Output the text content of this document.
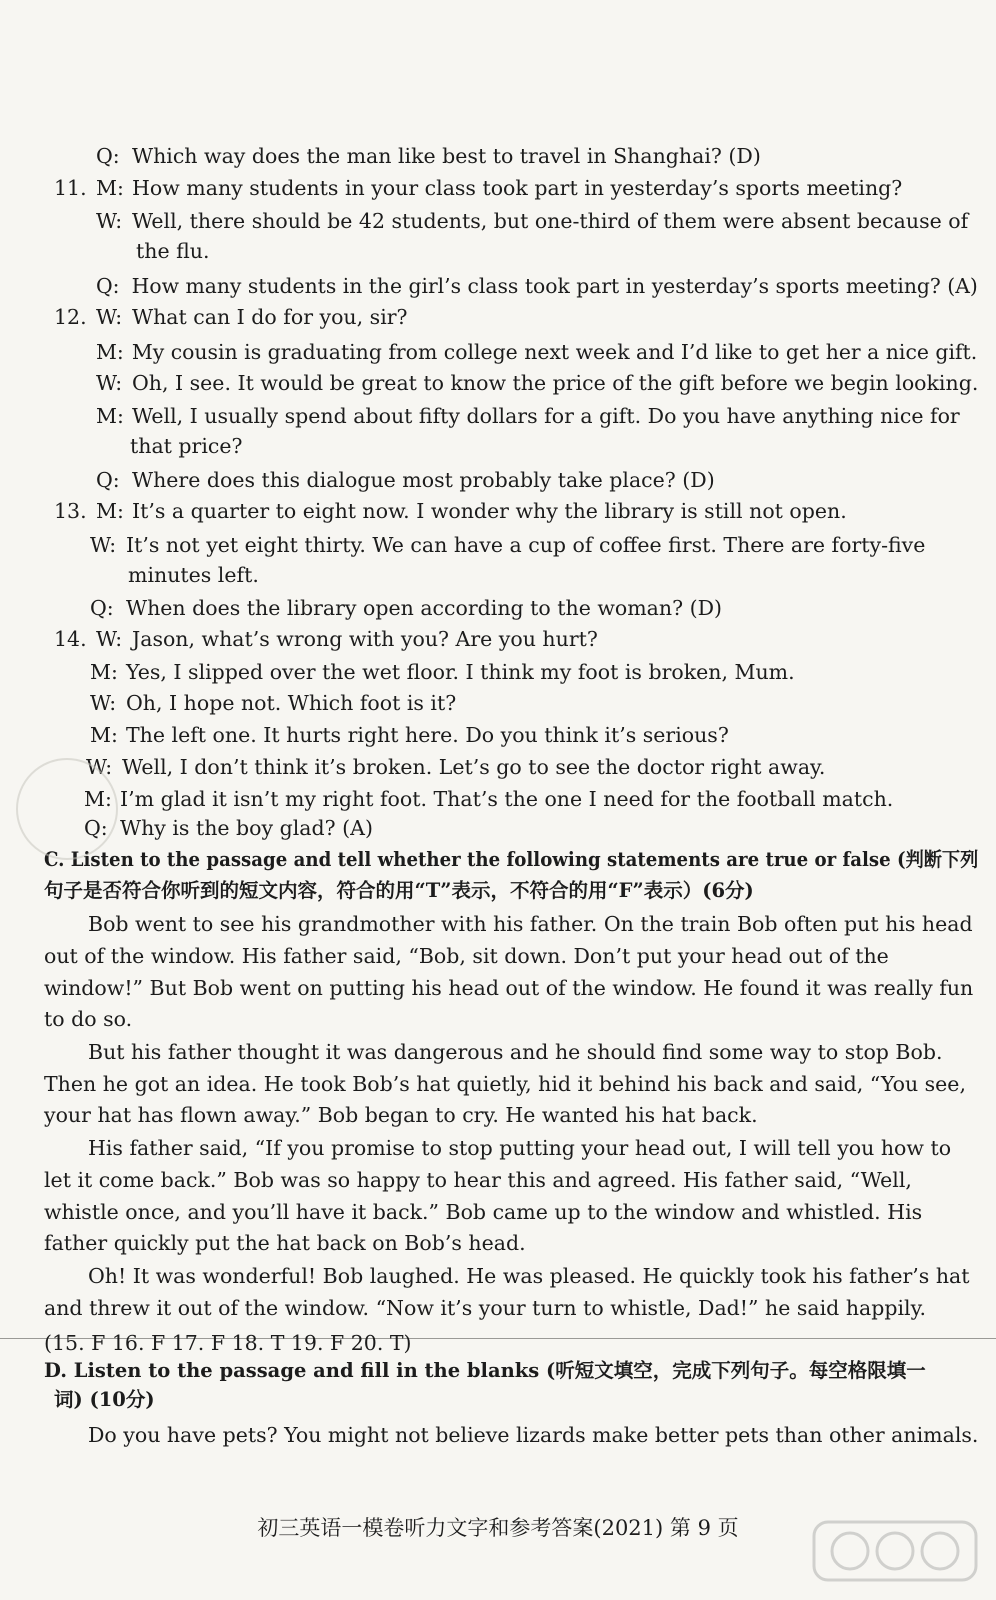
Q: Which way does the man like best to travel in Shanghai? (D)
11. M: How many students in your class took part in yesterday’s sports meeting?
W: Well, there should be 42 students, but one-third of them were absent because of
the flu.
Q: How many students in the girl’s class took part in yesterday’s sports meeting? (A)
12. W: What can I do for you, sir?
M: My cousin is graduating from college next week and I’d like to get her a nice gift.
W: Oh, I see. It would be great to know the price of the gift before we begin looking.
M: Well, I usually spend about fifty dollars for a gift. Do you have anything nice for
that price?
Q: Where does this dialogue most probably take place? (D)
13. M: It’s a quarter to eight now. I wonder why the library is still not open.
W: It’s not yet eight thirty. We can have a cup of coffee first. There are forty-five
minutes left.
Q: When does the library open according to the woman? (D)
14. W: Jason, what’s wrong with you? Are you hurt?
M: Yes, I slipped over the wet floor. I think my foot is broken, Mum.
W: Oh, I hope not. Which foot is it?
M: The left one. It hurts right here. Do you think it’s serious?
W: Well, I don’t think it’s broken. Let’s go to see the doctor right away.
M: I’m glad it isn’t my right foot. That’s the one I need for the football match.
Q: Why is the boy glad? (A)
C. Listen to the passage and tell whether the following statements are true or false (判断下列
句子是否符合你听到的短文内容，符合的用“T”表示，不符合的用“F”表示）(6分)
Bob went to see his grandmother with his father. On the train Bob often put his head
out of the window. His father said, “Bob, sit down. Don’t put your head out of the
window!” But Bob went on putting his head out of the window. He found it was really fun
to do so.
But his father thought it was dangerous and he should find some way to stop Bob.
Then he got an idea. He took Bob’s hat quietly, hid it behind his back and said, “You see,
your hat has flown away.” Bob began to cry. He wanted his hat back.
His father said, “If you promise to stop putting your head out, I will tell you how to
let it come back.” Bob was so happy to hear this and agreed. His father said, “Well,
whistle once, and you’ll have it back.” Bob came up to the window and whistled. His
father quickly put the hat back on Bob’s head.
Oh! It was wonderful! Bob laughed. He was pleased. He quickly took his father’s hat
and threw it out of the window. “Now it’s your turn to whistle, Dad!” he said happily.
(15. F 16. F 17. F 18. T 19. F 20. T)
D. Listen to the passage and fill in the blanks (听短文填空，完成下列句子。每空格限填一
词) (10分)
Do you have pets? You might not believe lizards make better pets than other animals.
初三英语一模卷听力文字和参考答案(2021) 第 9 页
